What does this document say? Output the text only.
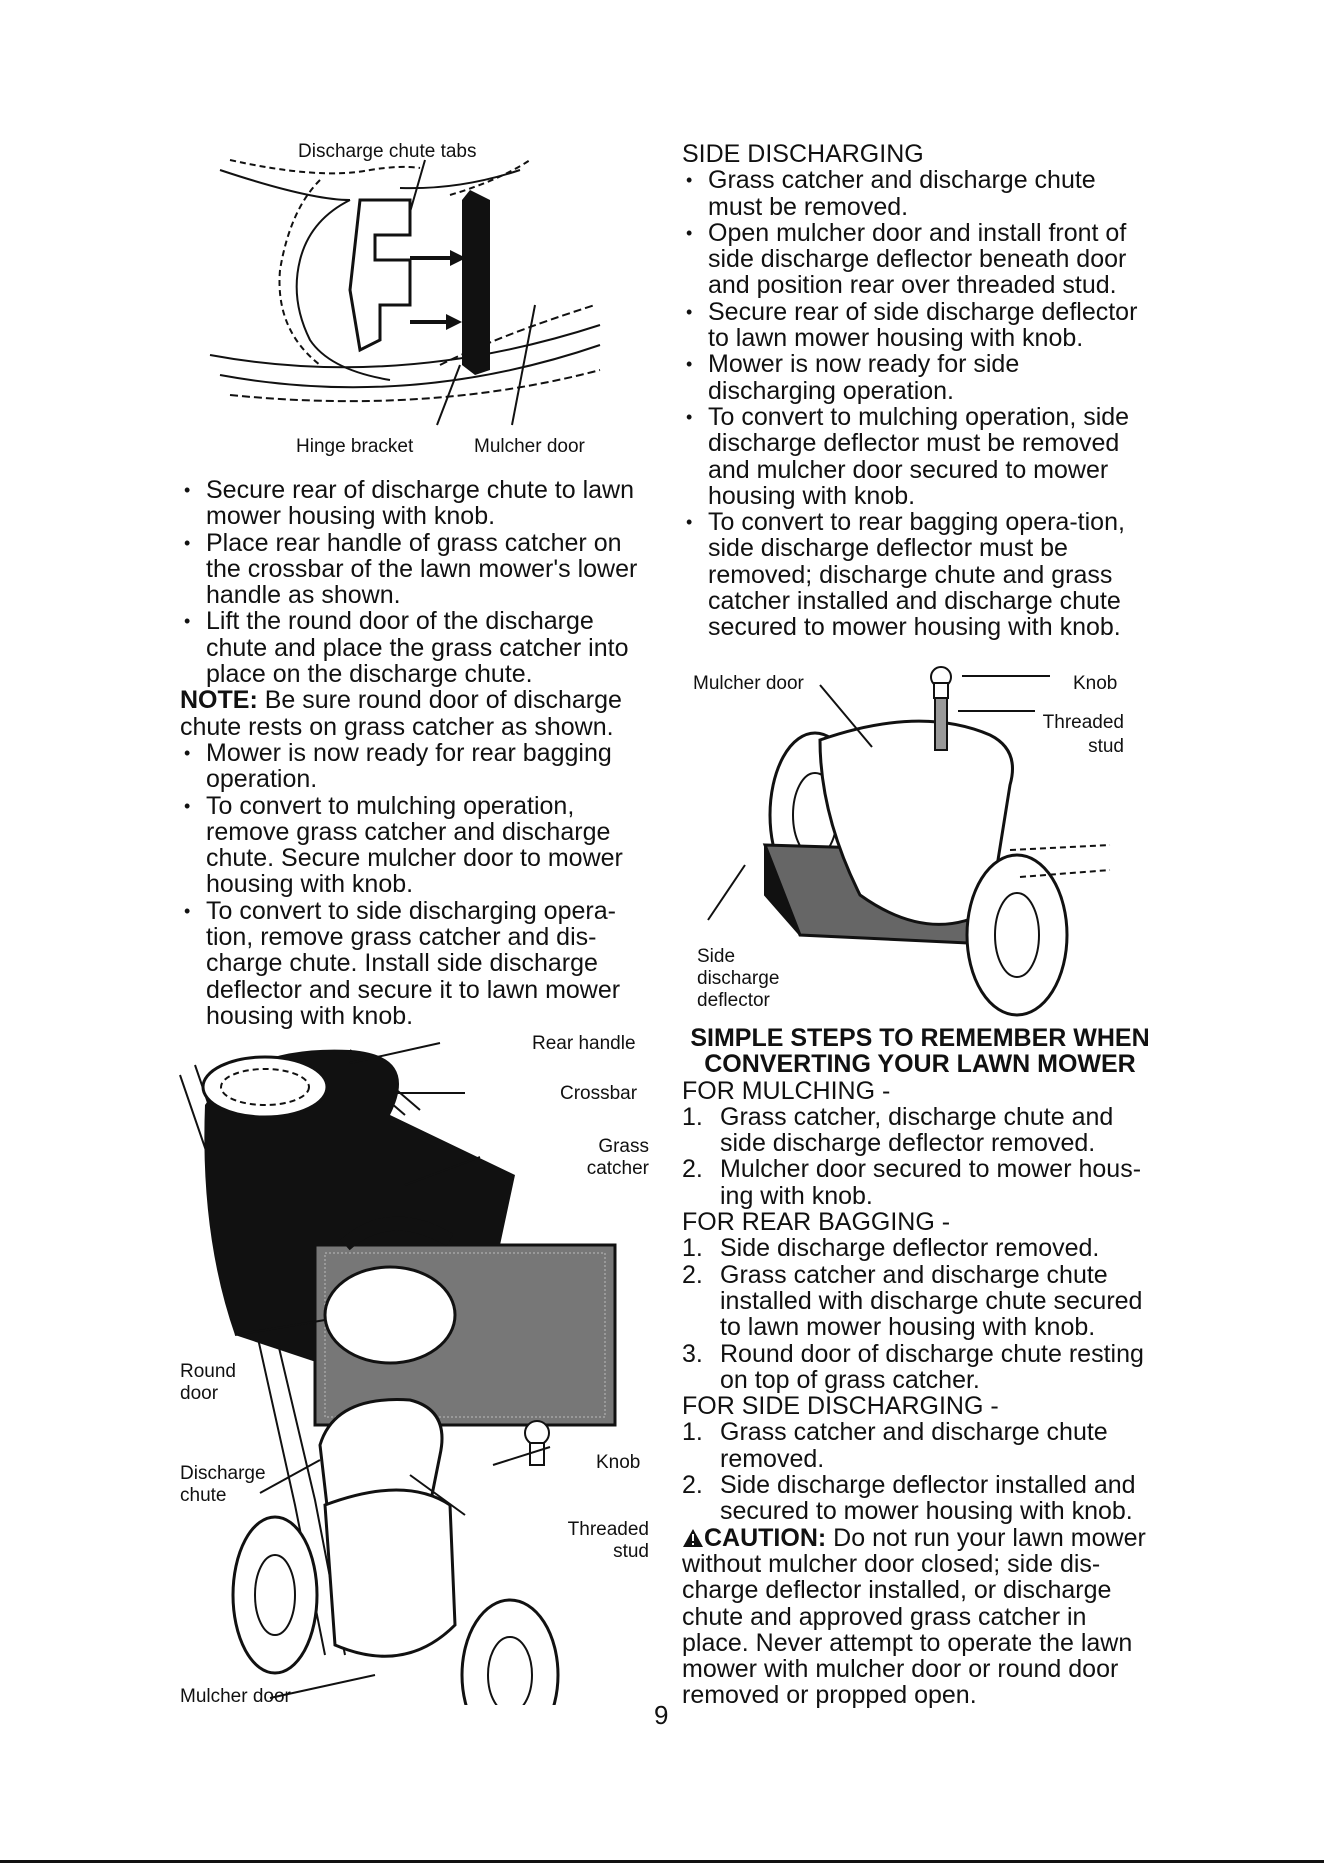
Discharge chute tabs
Hinge bracket	Mulcher door
• Secure rear of discharge chute to lawn mower housing with knob.
• Place rear handle of grass catcher on the crossbar of the lawn mower's lower handle as shown.
• Lift the round door of the discharge chute and place the grass catcher into place on the discharge chute.

NOTE: Be sure round door of discharge chute rests on grass catcher as shown.

• Mower is now ready for rear bagging operation.
• To convert to mulching operation, remove grass catcher and discharge chute. Secure mulcher door to mower housing with knob.
• To convert to side discharging opera-tion, remove grass catcher and dis-charge chute. Install side discharge deflector and secure it to lawn mower housing with knob.
Rear handle
Crossbar
Grass
catcher
Round
door
Discharge
chute
Knob
Threaded
stud
Mulcher door

SIDE DISCHARGING

• Grass catcher and discharge chute must be removed.
• Open mulcher door and install front of side discharge deflector beneath door and position rear over threaded stud.
• Secure rear of side discharge deflector to lawn mower housing with knob.
• Mower is now ready for side discharging operation.
• To convert to mulching operation, side discharge deflector must be removed and mulcher door secured to mower housing with knob.
• To convert to rear bagging opera-tion, side discharge deflector must be removed; discharge chute and grass catcher installed and discharge chute secured to mower housing with knob.
Mulcher door	Knob
Threaded
stud
Side
discharge
deflector

SIMPLE STEPS TO REMEMBER WHEN

CONVERTING YOUR LAWN MOWER

FOR MULCHING -

1. Grass catcher, discharge chute and side discharge deflector removed.
2. Mulcher door secured to mower hous-ing with knob.

FOR REAR BAGGING -

1. Side discharge deflector removed.
2. Grass catcher and discharge chute installed with discharge chute secured to lawn mower housing with knob.
3. Round door of discharge chute resting on top of grass catcher.

FOR SIDE DISCHARGING -

1. Grass catcher and discharge chute removed.
2. Side discharge deflector installed and secured to mower housing with knob.

CAUTION: Do not run your lawn mower without mulcher door closed; side dis-charge deflector installed, or discharge chute and approved grass catcher in place. Never attempt to operate the lawn mower with mulcher door or round door removed or propped open.

9
